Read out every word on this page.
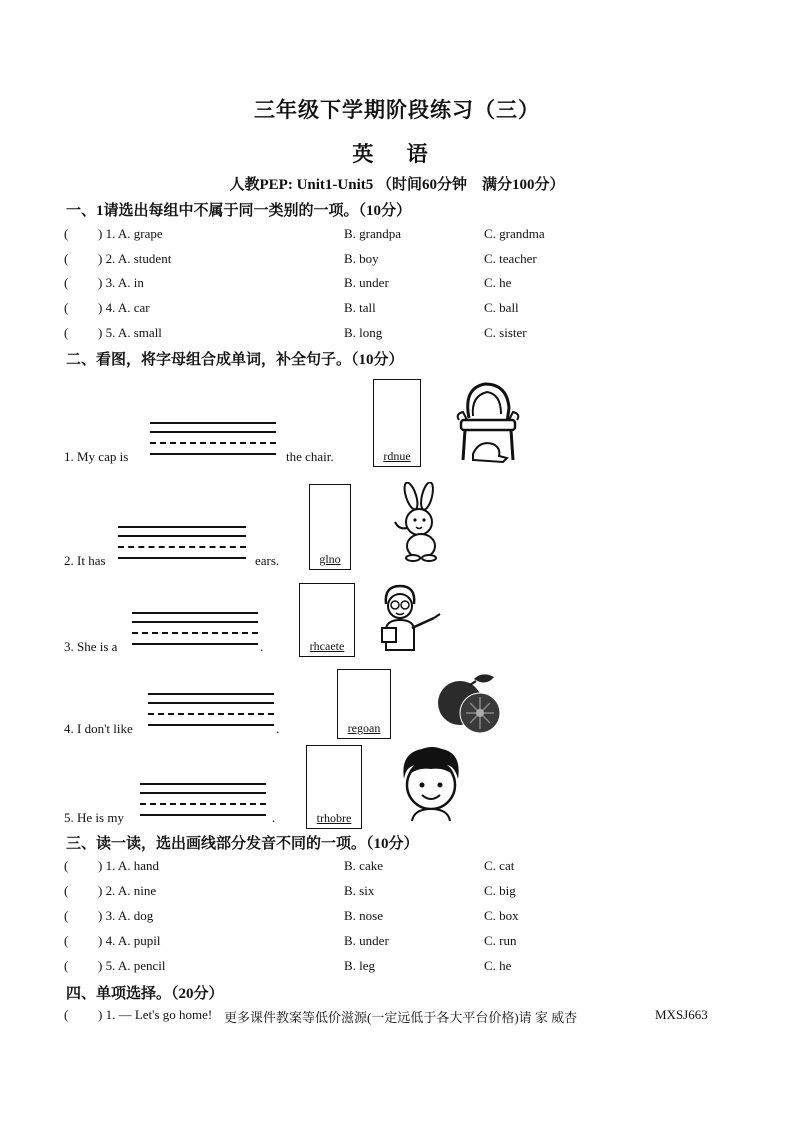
三年级下学期阶段练习（三）
英 语
人教PEP: Unit1-Unit5 （时间60分钟　满分100分）
一、1请选出每组中不属于同一类别的一项。（10分）
( ) 1. A. grape	B. grandpa	C. grandma
( ) 2. A. student	B. boy	C. teacher
( ) 3. A. in	B. under	C. he
( ) 4. A. car	B. tall	C. ball
( ) 5. A. small	B. long	C. sister
二、看图，将字母组合成单词，补全句子。（10分）
1. My cap is	the chair.	rdnue
2. It has	ears.	glno
3. She is a	.	rhcaete
4. I don't like	.	regoan
5. He is my	.	trhobre
三、读一读，选出画线部分发音不同的一项。（10分）
( ) 1. A. hand	B. cake	C. cat
( ) 2. A. nine	B. six	C. big
( ) 3. A. dog	B. nose	C. box
( ) 4. A. pupil	B. under	C. run
( ) 5. A. pencil	B. leg	C. he
四、单项选择。（20分）
( ) 1. — Let's go home! 更多课件教案等低价滋源(一定远低于各大平台价格)请 家 威杏	MXSJ663
